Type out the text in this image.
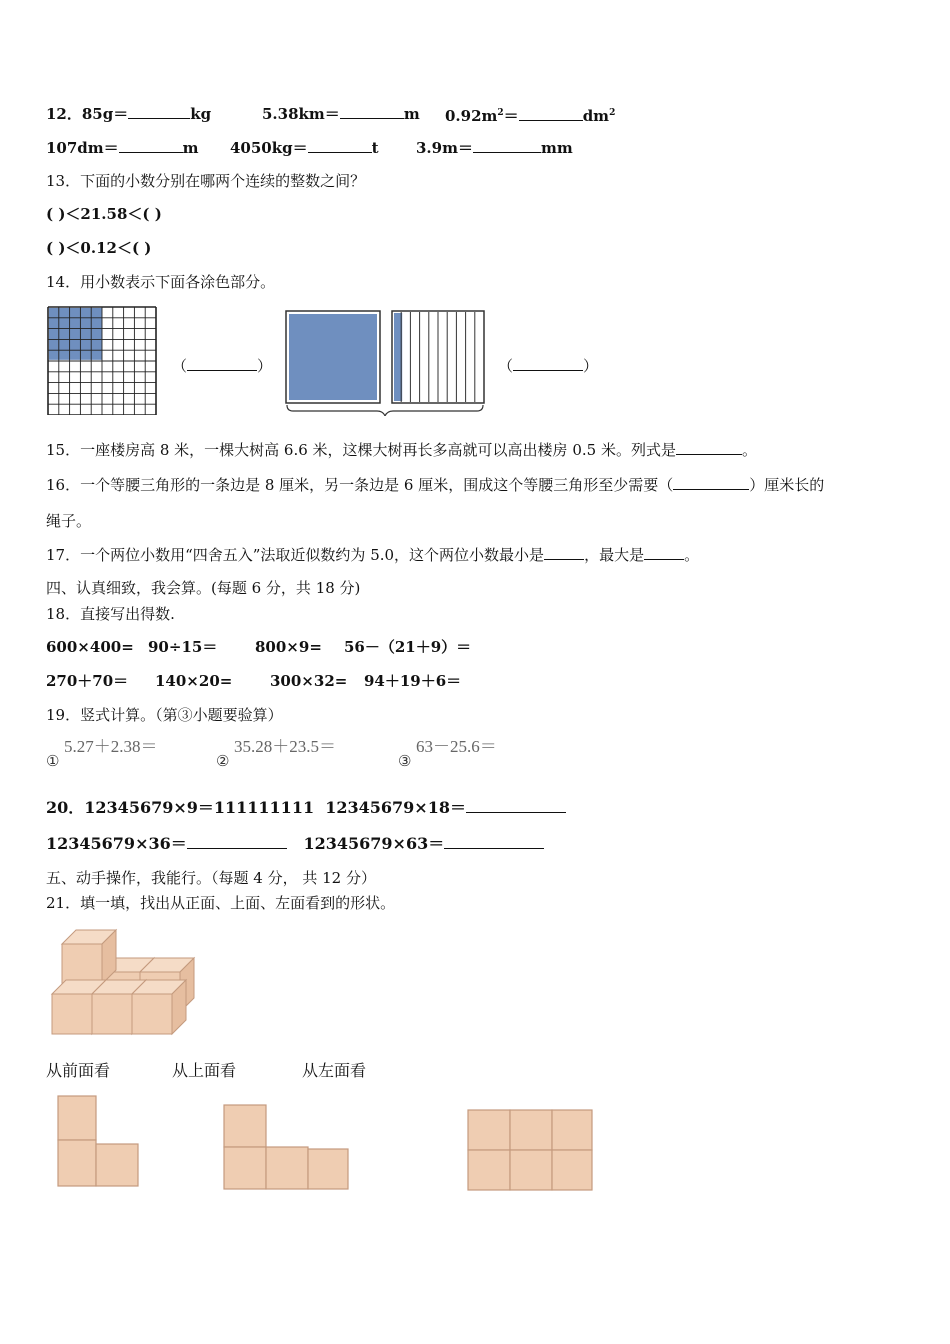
12．85g＝	kg	5.38km＝	m $0.92m^2=$	$dm^2$
107dm＝	m 4050kg＝	t 3.9m＝	mm
13．下面的小数分别在哪两个连续的整数之间？
( )＜21.58＜( )
( )＜0.12＜( )
14．用小数表示下面各涂色部分。
（	）	（	）
15．一座楼房高 8 米，一棵大树高 6.6 米，这棵大树再长多高就可以高出楼房 0.5 米。列式是	。
16．一个等腰三角形的一条边是 8 厘米，另一条边是 6 厘米，围成这个等腰三角形至少需要（	）厘米长的
绳子。
17．一个两位小数用“四舍五入”法取近似数约为 5.0，这个两位小数最小是	，最大是	。
四、认真细致，我会算。(每题 6 分，共 18 分)
18．直接写出得数.
600×400= 90÷15＝	800×9= 56－（21＋9）＝
270＋70＝ 140×20=	300×32= 94＋19＋6＝
19．竖式计算。（第③小题要验算）
①
5.27＋2.38＝
②
35.28＋23.5＝
③
63－25.6＝
20．12345679×9＝111111111 12345679×18＝
12345679×36＝	12345679×63＝
五、动手操作，我能行。（每题 4 分， 共 12 分）
21．填一填，找出从正面、上面、左面看到的形状。
从前面看	从上面看	从左面看
